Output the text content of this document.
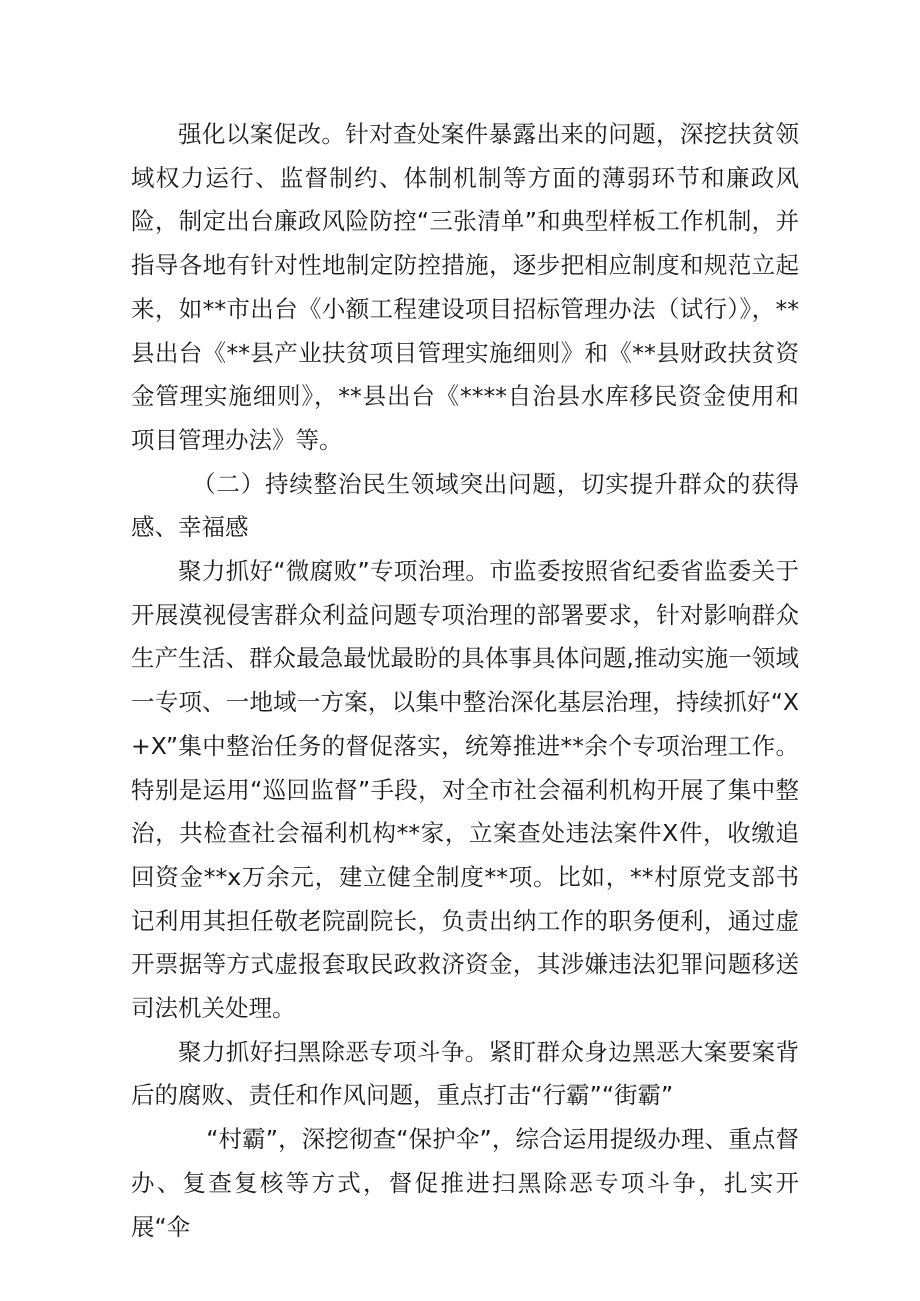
强化以案促改。针对查处案件暴露出来的问题，深挖扶贫领域权力运行、监督制约、体制机制等方面的薄弱环节和廉政风险，制定出台廉政风险防控“三张清单”和典型样板工作机制，并指导各地有针对性地制定防控措施，逐步把相应制度和规范立起来，如**市出台《小额工程建设项目招标管理办法（试行）》，**县出台《**县产业扶贫项目管理实施细则》和《**县财政扶贫资金管理实施细则》，**县出台《****自治县水库移民资金使用和项目管理办法》等。

（二）持续整治民生领域突出问题，切实提升群众的获得感、幸福感

聚力抓好“微腐败”专项治理。市监委按照省纪委省监委关于开展漠视侵害群众利益问题专项治理的部署要求，针对影响群众生产生活、群众最急最忧最盼的具体事具体问题,推动实施一领域一专项、一地域一方案，以集中整治深化基层治理，持续抓好“X+X”集中整治任务的督促落实，统筹推进**余个专项治理工作。特别是运用“巡回监督”手段，对全市社会福利机构开展了集中整治，共检查社会福利机构**家，立案查处违法案件X件，收缴追回资金**x万余元，建立健全制度**项。比如，**村原党支部书记利用其担任敬老院副院长，负责出纳工作的职务便利，通过虚开票据等方式虚报套取民政救济资金，其涉嫌违法犯罪问题移送司法机关处理。

聚力抓好扫黑除恶专项斗争。紧盯群众身边黑恶大案要案背后的腐败、责任和作风问题，重点打击“行霸”“街霸”

“村霸”，深挖彻查“保护伞”，综合运用提级办理、重点督办、复查复核等方式，督促推进扫黑除恶专项斗争，扎实开展“伞
